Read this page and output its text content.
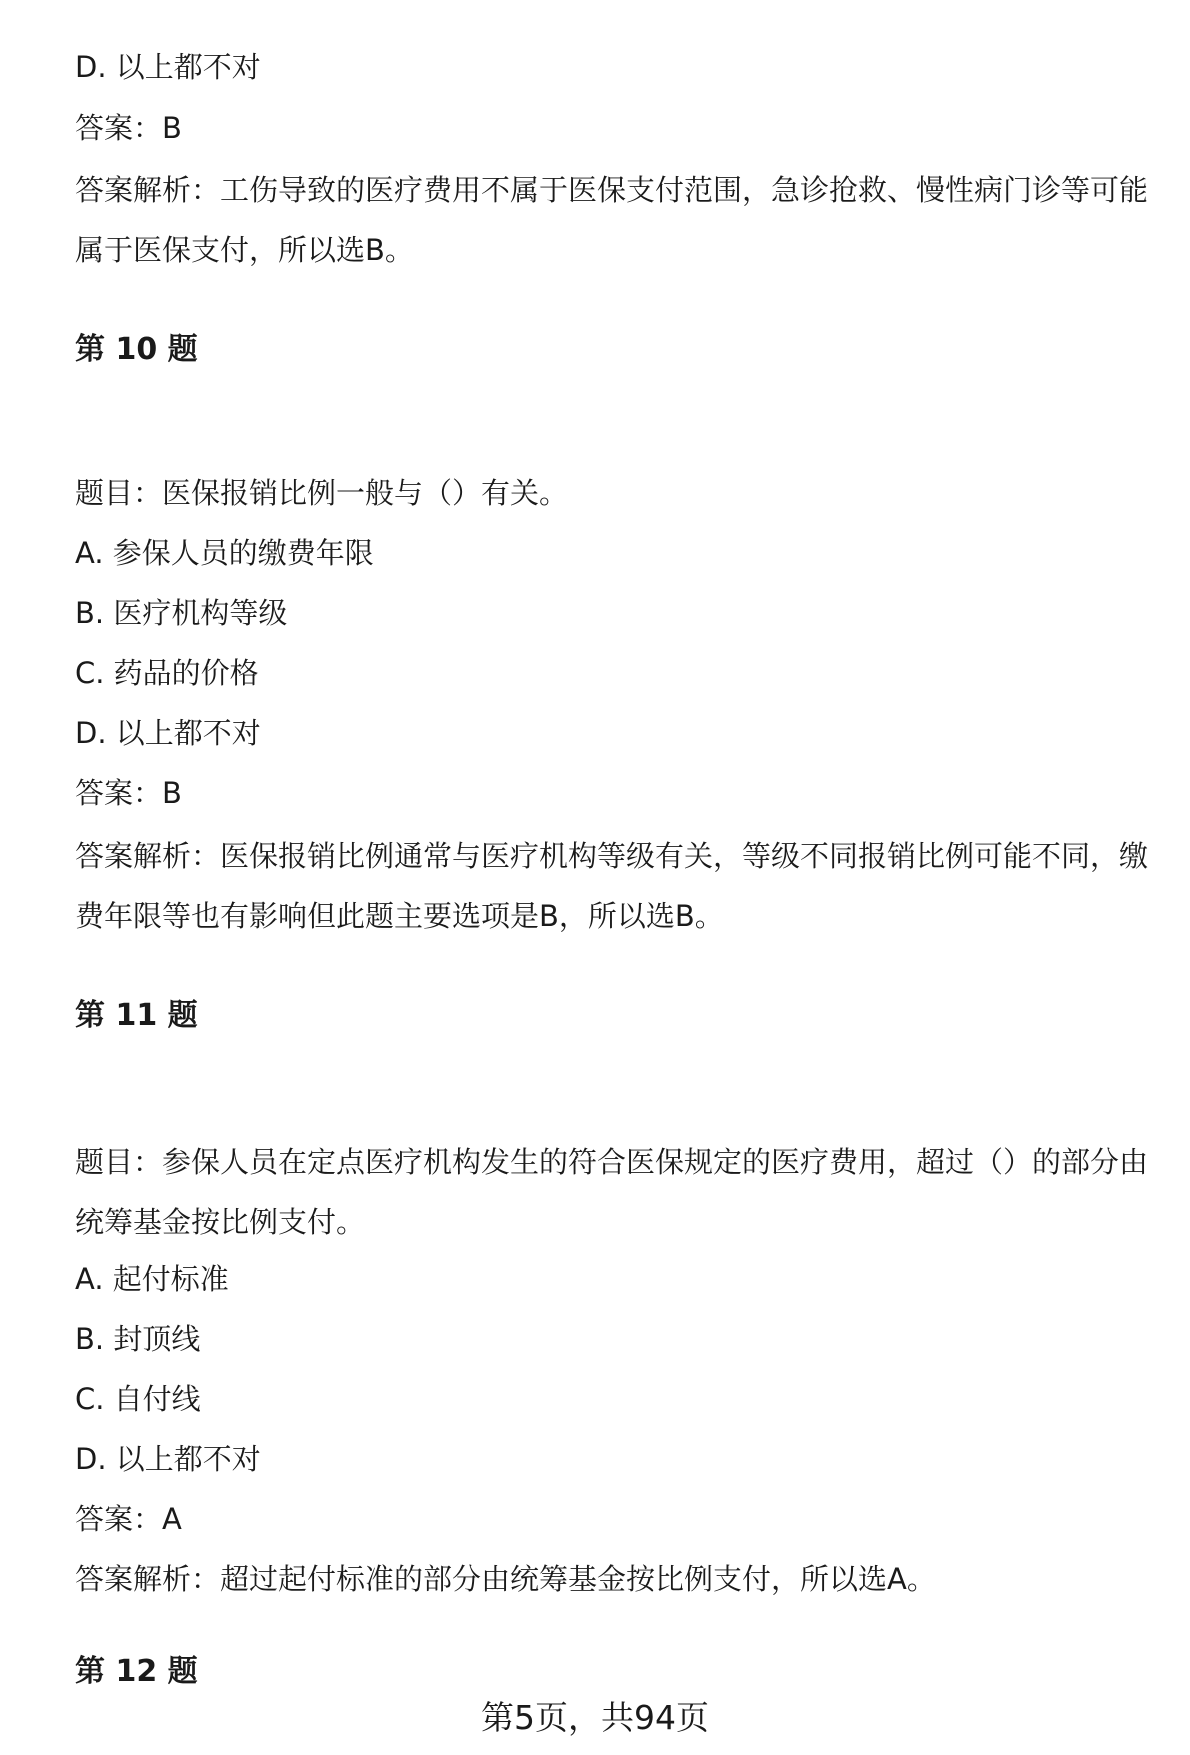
D. 以上都不对
答案：B
答案解析：工伤导致的医疗费用不属于医保支付范围，急诊抢救、慢性病门诊等可能属于医保支付，所以选B。
第 10 题
题目：医保报销比例一般与（）有关。
A. 参保人员的缴费年限
B. 医疗机构等级
C. 药品的价格
D. 以上都不对
答案：B
答案解析：医保报销比例通常与医疗机构等级有关，等级不同报销比例可能不同，缴费年限等也有影响但此题主要选项是B，所以选B。
第 11 题
题目：参保人员在定点医疗机构发生的符合医保规定的医疗费用，超过（）的部分由统筹基金按比例支付。
A. 起付标准
B. 封顶线
C. 自付线
D. 以上都不对
答案：A
答案解析：超过起付标准的部分由统筹基金按比例支付，所以选A。
第 12 题
第5页，共94页
